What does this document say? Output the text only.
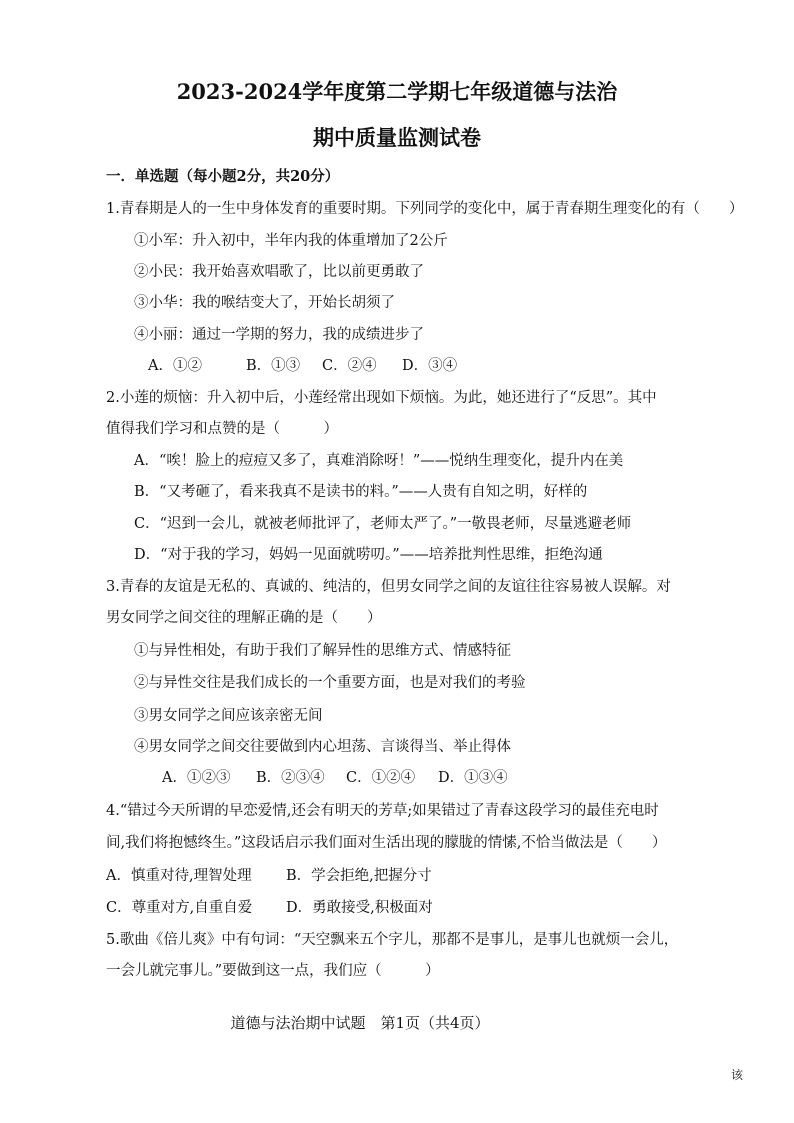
2023-2024学年度第二学期七年级道德与法治
期中质量监测试卷
一．单选题（每小题2分，共20分）
1.青春期是人的一生中身体发育的重要时期。下列同学的变化中，属于青春期生理变化的有（　　）
①小军：升入初中，半年内我的体重增加了2公斤
②小民：我开始喜欢唱歌了，比以前更勇敢了
③小华：我的喉结变大了，开始长胡须了
④小丽：通过一学期的努力，我的成绩进步了
A．①②	B．①③ C．②④ D．③④
2.小莲的烦恼：升入初中后，小莲经常出现如下烦恼。为此，她还进行了“反思”。其中
值得我们学习和点赞的是（　　　）
A．“唉！脸上的痘痘又多了，真难消除呀！”——悦纳生理变化，提升内在美
B．“又考砸了，看来我真不是读书的料。”——人贵有自知之明，好样的
C．“迟到一会儿，就被老师批评了，老师太严了。”一敬畏老师，尽量逃避老师
D．“对于我的学习，妈妈一见面就唠叨。”——培养批判性思维，拒绝沟通
3.青春的友谊是无私的、真诚的、纯洁的，但男女同学之间的友谊往往容易被人误解。对
男女同学之间交往的理解正确的是（　　）
①与异性相处，有助于我们了解异性的思维方式、情感特征
②与异性交往是我们成长的一个重要方面，也是对我们的考验
③男女同学之间应该亲密无间
④男女同学之间交往要做到内心坦荡、言谈得当、举止得体
A．①②③ B．②③④ C．①②④ D．①③④
4.“错过今天所谓的早恋爱情,还会有明天的芳草;如果错过了青春这段学习的最佳充电时
间,我们将抱憾终生。”这段话启示我们面对生活出现的朦胧的情愫,不恰当做法是（　　）
A．慎重对待,理智处理 B．学会拒绝,把握分寸
C．尊重对方,自重自爱 D．勇敢接受,积极面对
5.歌曲《倍儿爽》中有句词：“天空飘来五个字儿，那都不是事儿，是事儿也就烦一会儿，
一会儿就完事儿。”要做到这一点，我们应（　　　）
道德与法治期中试题　第1页（共4页）
该
